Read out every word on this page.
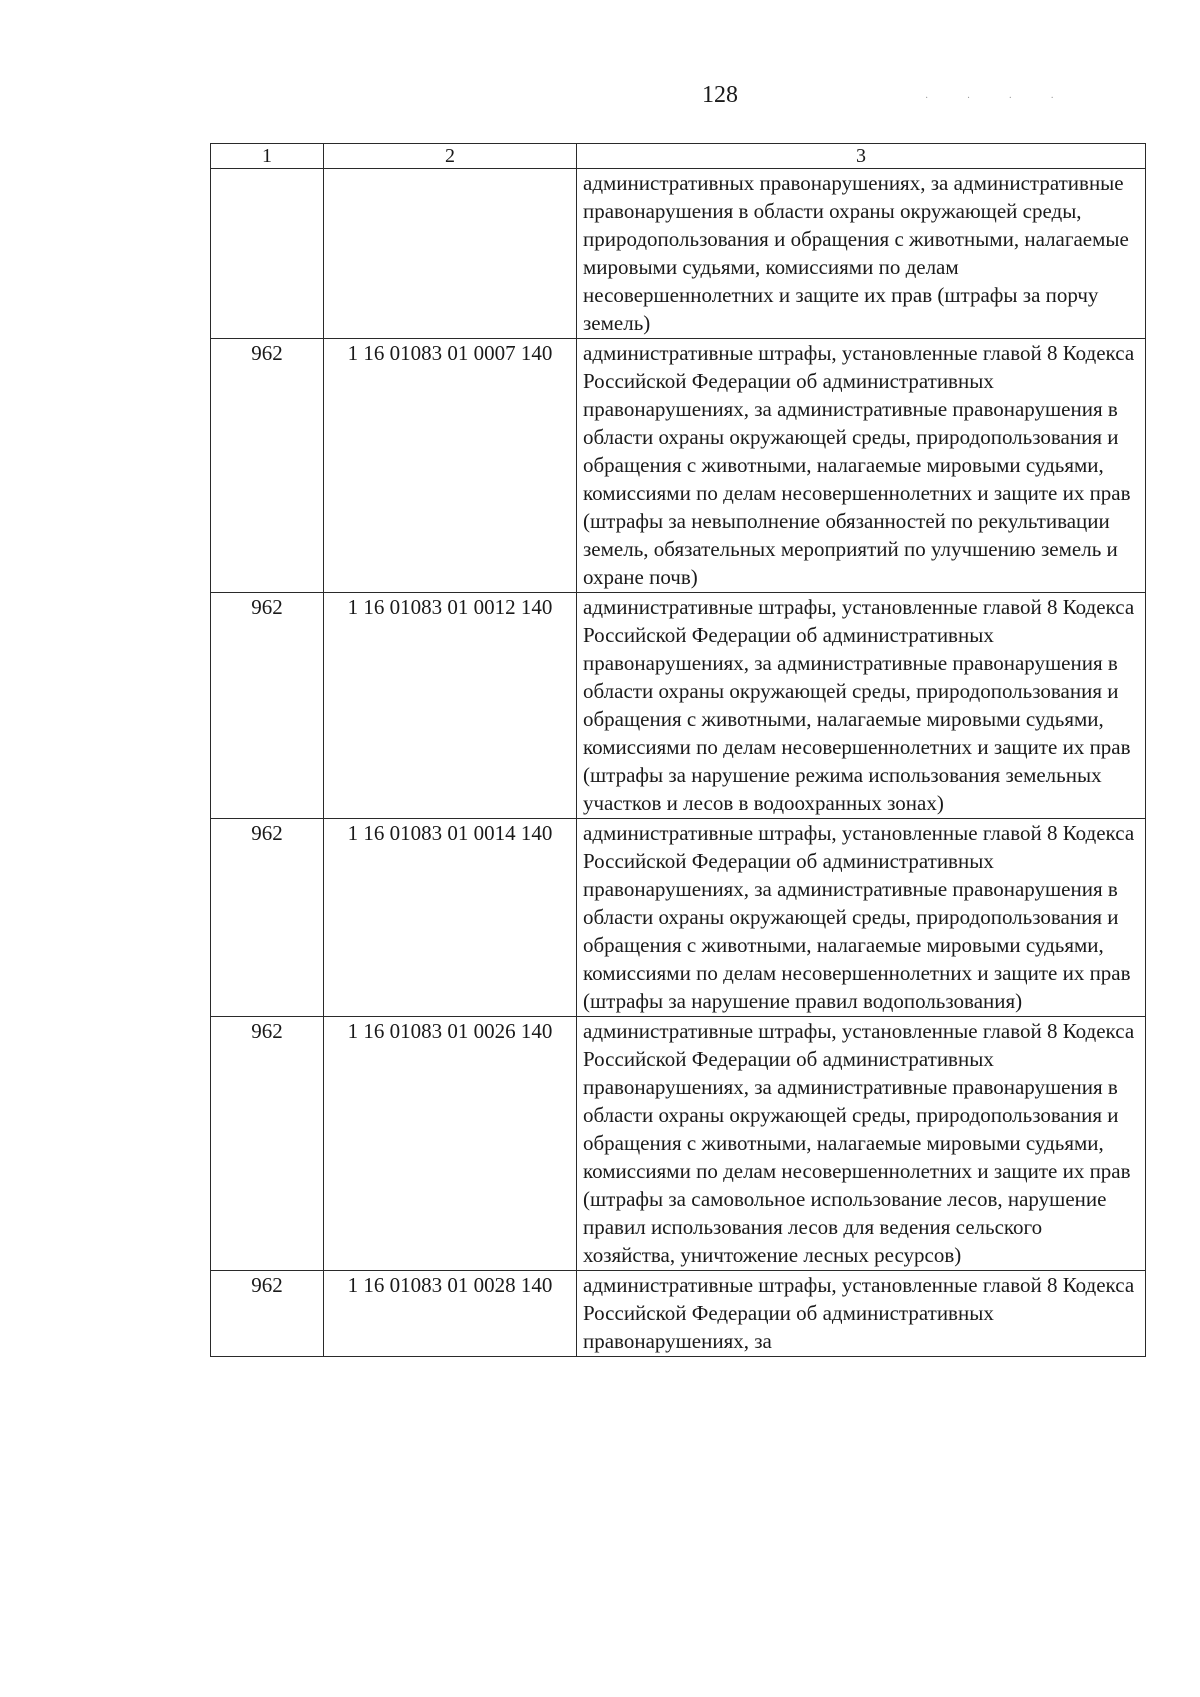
128	· · · ·
1	2	3
		административных правонарушениях, за административные правонарушения в области охраны окружающей среды, природопользования и обращения с животными, налагаемые мировыми судьями, комиссиями по делам несовершеннолетних и защите их прав (штрафы за порчу земель)
962	1 16 01083 01 0007 140	административные штрафы, установленные главой 8 Кодекса Российской Федерации об административных правонарушениях, за административные правонарушения в области охраны окружающей среды, природопользования и обращения с животными, налагаемые мировыми судьями, комиссиями по делам несовершеннолетних и защите их прав (штрафы за невыполнение обязанностей по рекультивации земель, обязательных мероприятий по улучшению земель и охране почв)
962	1 16 01083 01 0012 140	административные штрафы, установленные главой 8 Кодекса Российской Федерации об административных правонарушениях, за административные правонарушения в области охраны окружающей среды, природопользования и обращения с животными, налагаемые мировыми судьями, комиссиями по делам несовершеннолетних и защите их прав (штрафы за нарушение режима использования земельных участков и лесов в водоохранных зонах)
962	1 16 01083 01 0014 140	административные штрафы, установленные главой 8 Кодекса Российской Федерации об административных правонарушениях, за административные правонарушения в области охраны окружающей среды, природопользования и обращения с животными, налагаемые мировыми судьями, комиссиями по делам несовершеннолетних и защите их прав (штрафы за нарушение правил водопользования)
962	1 16 01083 01 0026 140	административные штрафы, установленные главой 8 Кодекса Российской Федерации об административных правонарушениях, за административные правонарушения в области охраны окружающей среды, природопользования и обращения с животными, налагаемые мировыми судьями, комиссиями по делам несовершеннолетних и защите их прав (штрафы за самовольное использование лесов, нарушение правил использования лесов для ведения сельского хозяйства, уничтожение лесных ресурсов)
962	1 16 01083 01 0028 140	административные штрафы, установленные главой 8 Кодекса Российской Федерации об административных правонарушениях, за
